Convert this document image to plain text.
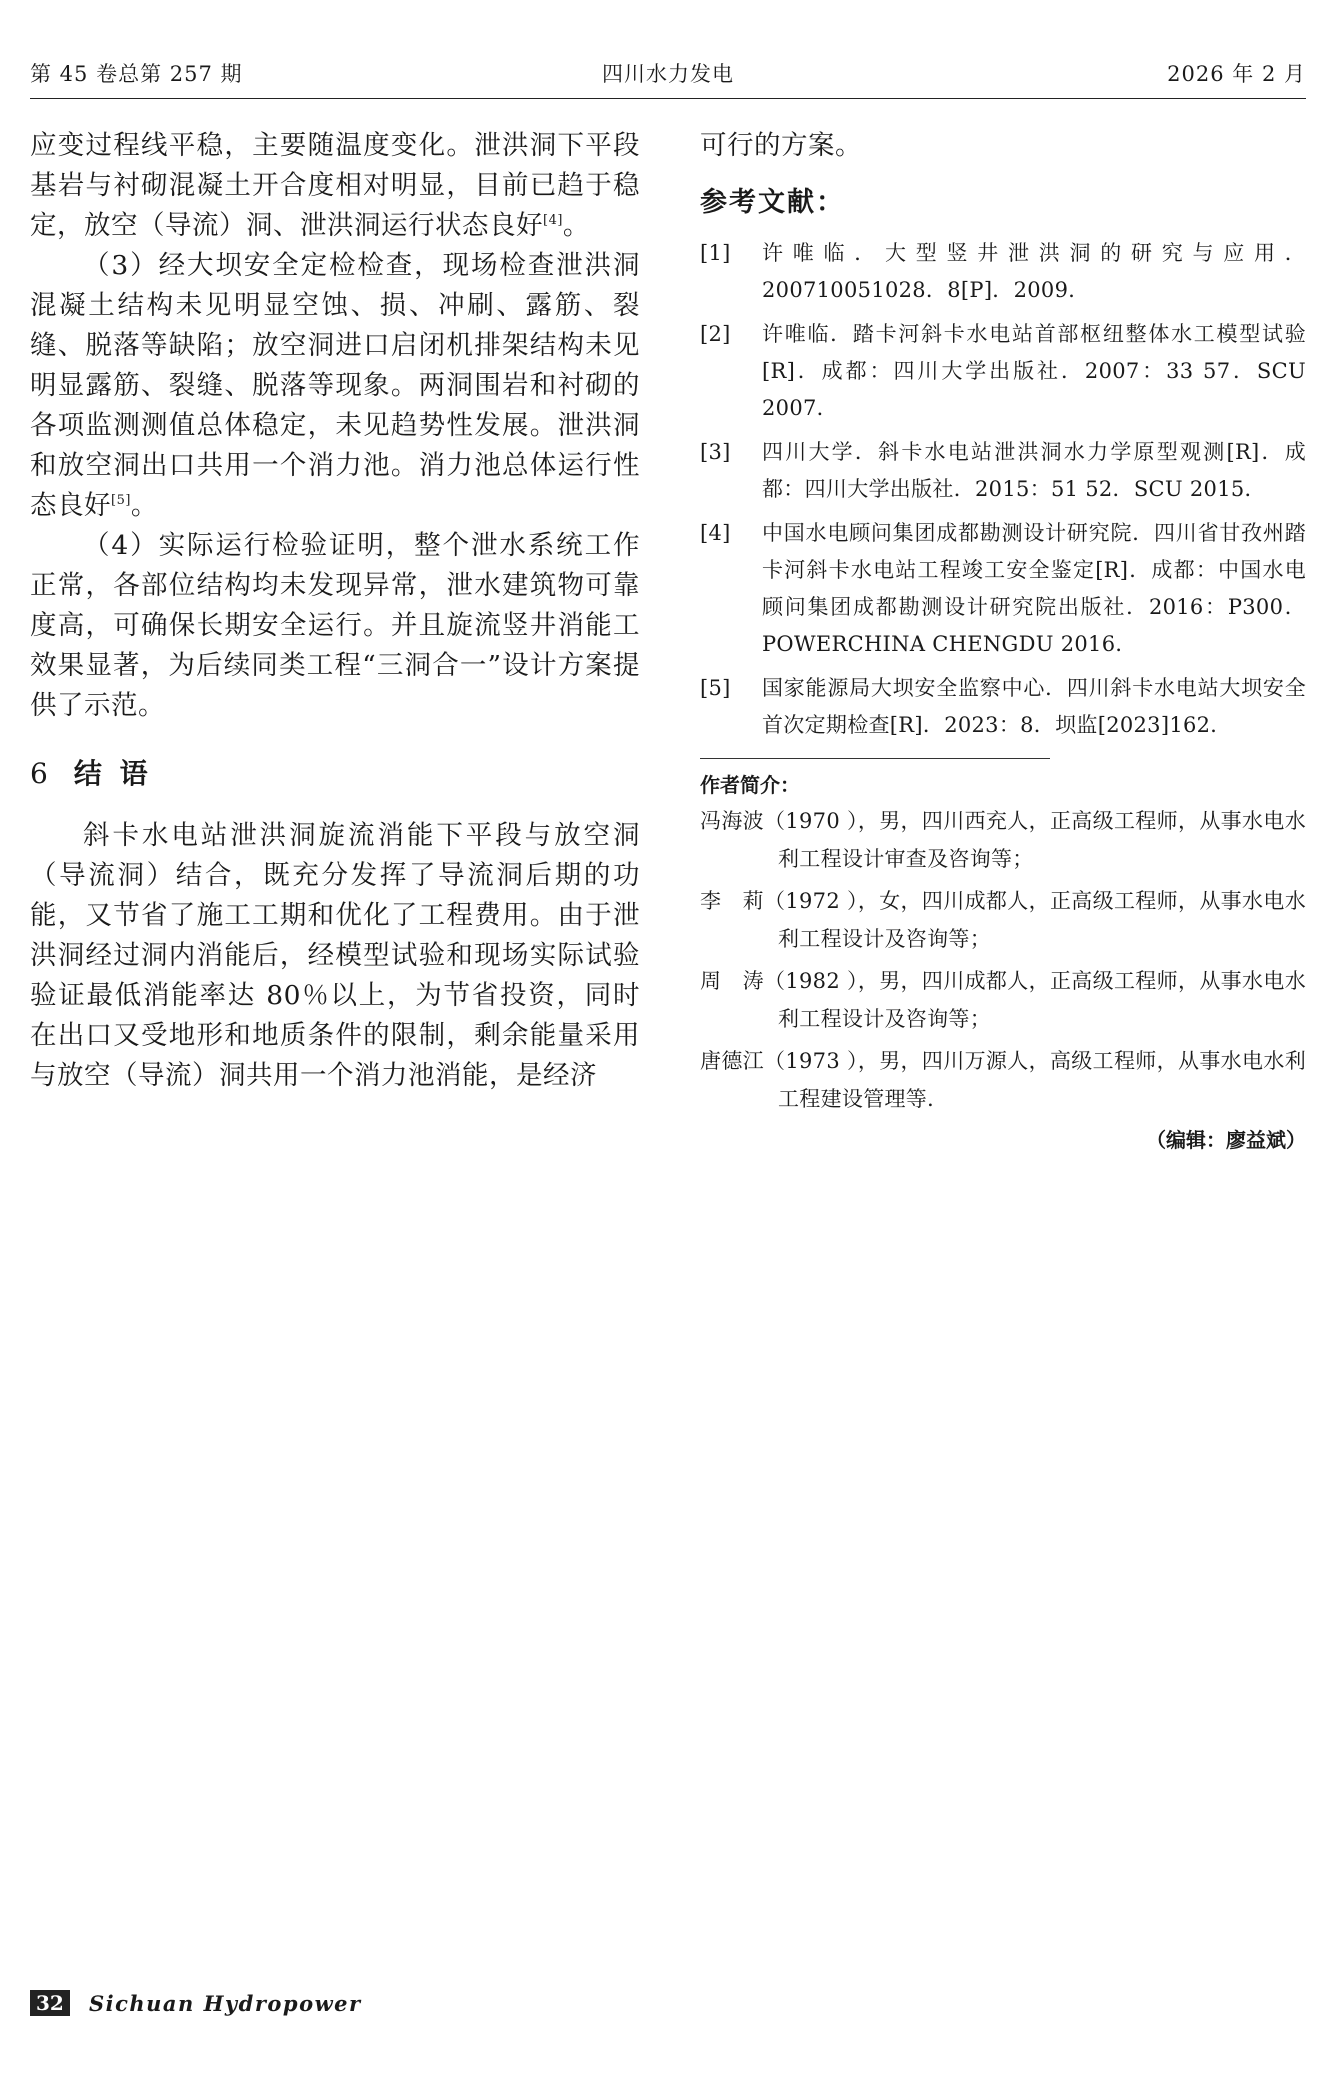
第 45 卷总第 257 期	四川水力发电	2026 年 2 月

应变过程线平稳，主要随温度变化。泄洪洞下平段基岩与衬砌混凝土开合度相对明显，目前已趋于稳定，放空（导流）洞、泄洪洞运行状态良好[4]。

（3）经大坝安全定检检查，现场检查泄洪洞混凝土结构未见明显空蚀、损、冲刷、露筋、裂缝、脱落等缺陷；放空洞进口启闭机排架结构未见明显露筋、裂缝、脱落等现象。两洞围岩和衬砌的各项监测测值总体稳定，未见趋势性发展。泄洪洞和放空洞出口共用一个消力池。消力池总体运行性态良好[5]。

（4）实际运行检验证明，整个泄水系统工作正常，各部位结构均未发现异常，泄水建筑物可靠度高，可确保长期安全运行。并且旋流竖井消能工效果显著，为后续同类工程“三洞合一”设计方案提供了示范。

6 结 语

斜卡水电站泄洪洞旋流消能下平段与放空洞（导流洞）结合，既充分发挥了导流洞后期的功能，又节省了施工工期和优化了工程费用。由于泄洪洞经过洞内消能后，经模型试验和现场实际试验验证最低消能率达 80％以上，为节省投资，同时在出口又受地形和地质条件的限制，剩余能量采用与放空（导流）洞共用一个消力池消能，是经济

可行的方案。

参考文献：
[1] 许唯临．大型竖井泄洪洞的研究与应用．200710051028．8[P]．2009．
[2] 许唯临．踏卡河斜卡水电站首部枢纽整体水工模型试验[R]．成都：四川大学出版社．2007：33 57．SCU 2007．
[3] 四川大学．斜卡水电站泄洪洞水力学原型观测[R]．成都：四川大学出版社．2015：51 52．SCU 2015．
[4] 中国水电顾问集团成都勘测设计研究院．四川省甘孜州踏卡河斜卡水电站工程竣工安全鉴定[R]．成都：中国水电顾问集团成都勘测设计研究院出版社．2016：P300．POWERCHINA CHENGDU 2016．
[5] 国家能源局大坝安全监察中心．四川斜卡水电站大坝安全首次定期检查[R]．2023：8．坝监[2023]162．
作者简介：
冯海波（1970 ），男，四川西充人，正高级工程师，从事水电水利工程设计审查及咨询等；
李　莉（1972 ），女，四川成都人，正高级工程师，从事水电水利工程设计及咨询等；
周　涛（1982 ），男，四川成都人，正高级工程师，从事水电水利工程设计及咨询等；
唐德江（1973 ），男，四川万源人，高级工程师，从事水电水利工程建设管理等．
（编辑：廖益斌）
32 Sichuan Hydropower
